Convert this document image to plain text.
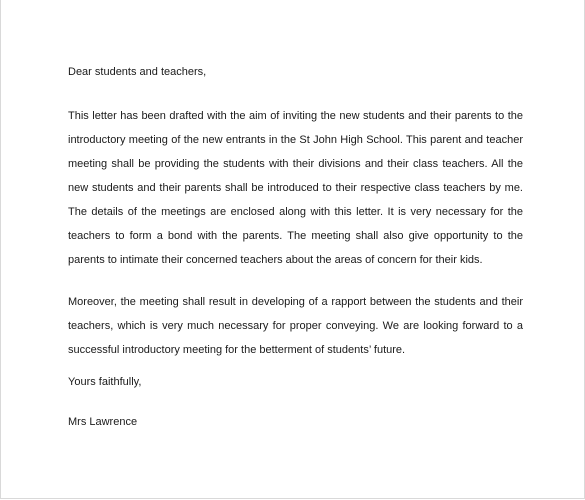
Dear students and teachers,
This letter has been drafted with the aim of inviting the new students and their parents to the introductory meeting of the new entrants in the St John High School. This parent and teacher meeting shall be providing the students with their divisions and their class teachers. All the new students and their parents shall be introduced to their respective class teachers by me. The details of the meetings are enclosed along with this letter. It is very necessary for the teachers to form a bond with the parents. The meeting shall also give opportunity to the parents to intimate their concerned teachers about the areas of concern for their kids.
Moreover, the meeting shall result in developing of a rapport between the students and their teachers, which is very much necessary for proper conveying. We are looking forward to a successful introductory meeting for the betterment of students’ future.
Yours faithfully,
Mrs Lawrence
